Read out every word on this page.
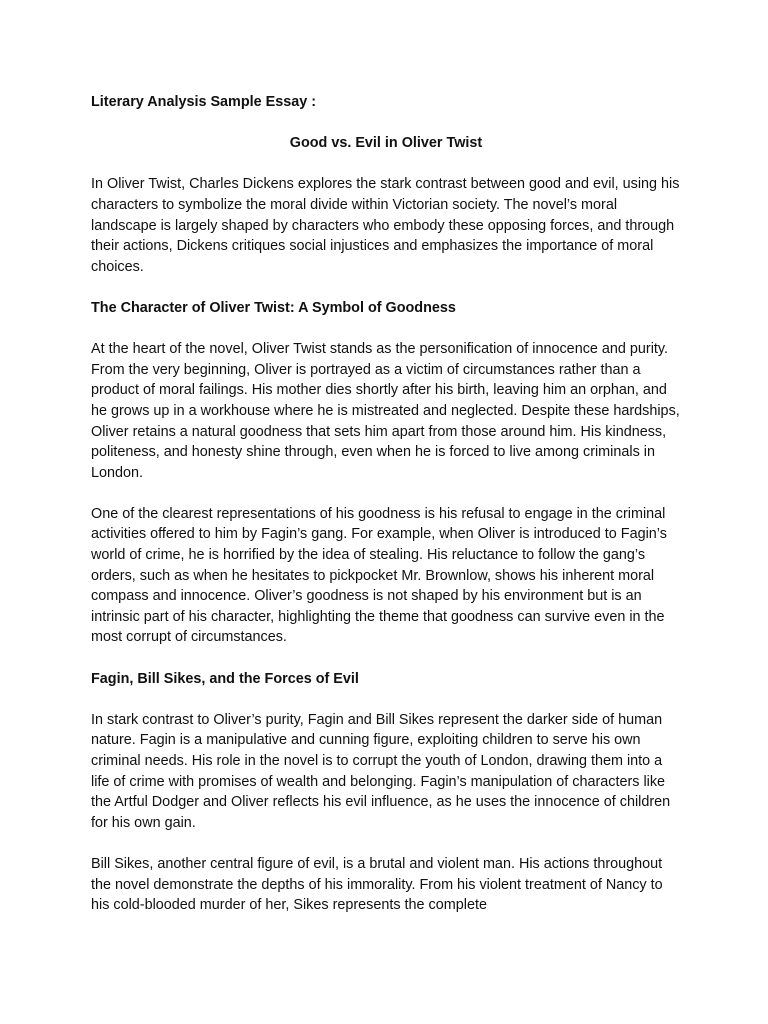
Literary Analysis Sample Essay :

Good vs. Evil in Oliver Twist

In Oliver Twist, Charles Dickens explores the stark contrast between good and evil, using his characters to symbolize the moral divide within Victorian society. The novel’s moral landscape is largely shaped by characters who embody these opposing forces, and through their actions, Dickens critiques social injustices and emphasizes the importance of moral choices.

The Character of Oliver Twist: A Symbol of Goodness

At the heart of the novel, Oliver Twist stands as the personification of innocence and purity. From the very beginning, Oliver is portrayed as a victim of circumstances rather than a product of moral failings. His mother dies shortly after his birth, leaving him an orphan, and he grows up in a workhouse where he is mistreated and neglected. Despite these hardships, Oliver retains a natural goodness that sets him apart from those around him. His kindness, politeness, and honesty shine through, even when he is forced to live among criminals in London.

One of the clearest representations of his goodness is his refusal to engage in the criminal activities offered to him by Fagin’s gang. For example, when Oliver is introduced to Fagin’s world of crime, he is horrified by the idea of stealing. His reluctance to follow the gang’s orders, such as when he hesitates to pickpocket Mr. Brownlow, shows his inherent moral compass and innocence. Oliver’s goodness is not shaped by his environment but is an intrinsic part of his character, highlighting the theme that goodness can survive even in the most corrupt of circumstances.

Fagin, Bill Sikes, and the Forces of Evil

In stark contrast to Oliver’s purity, Fagin and Bill Sikes represent the darker side of human nature. Fagin is a manipulative and cunning figure, exploiting children to serve his own criminal needs. His role in the novel is to corrupt the youth of London, drawing them into a life of crime with promises of wealth and belonging. Fagin’s manipulation of characters like the Artful Dodger and Oliver reflects his evil influence, as he uses the innocence of children for his own gain.

Bill Sikes, another central figure of evil, is a brutal and violent man. His actions throughout the novel demonstrate the depths of his immorality. From his violent treatment of Nancy to his cold-blooded murder of her, Sikes represents the complete
